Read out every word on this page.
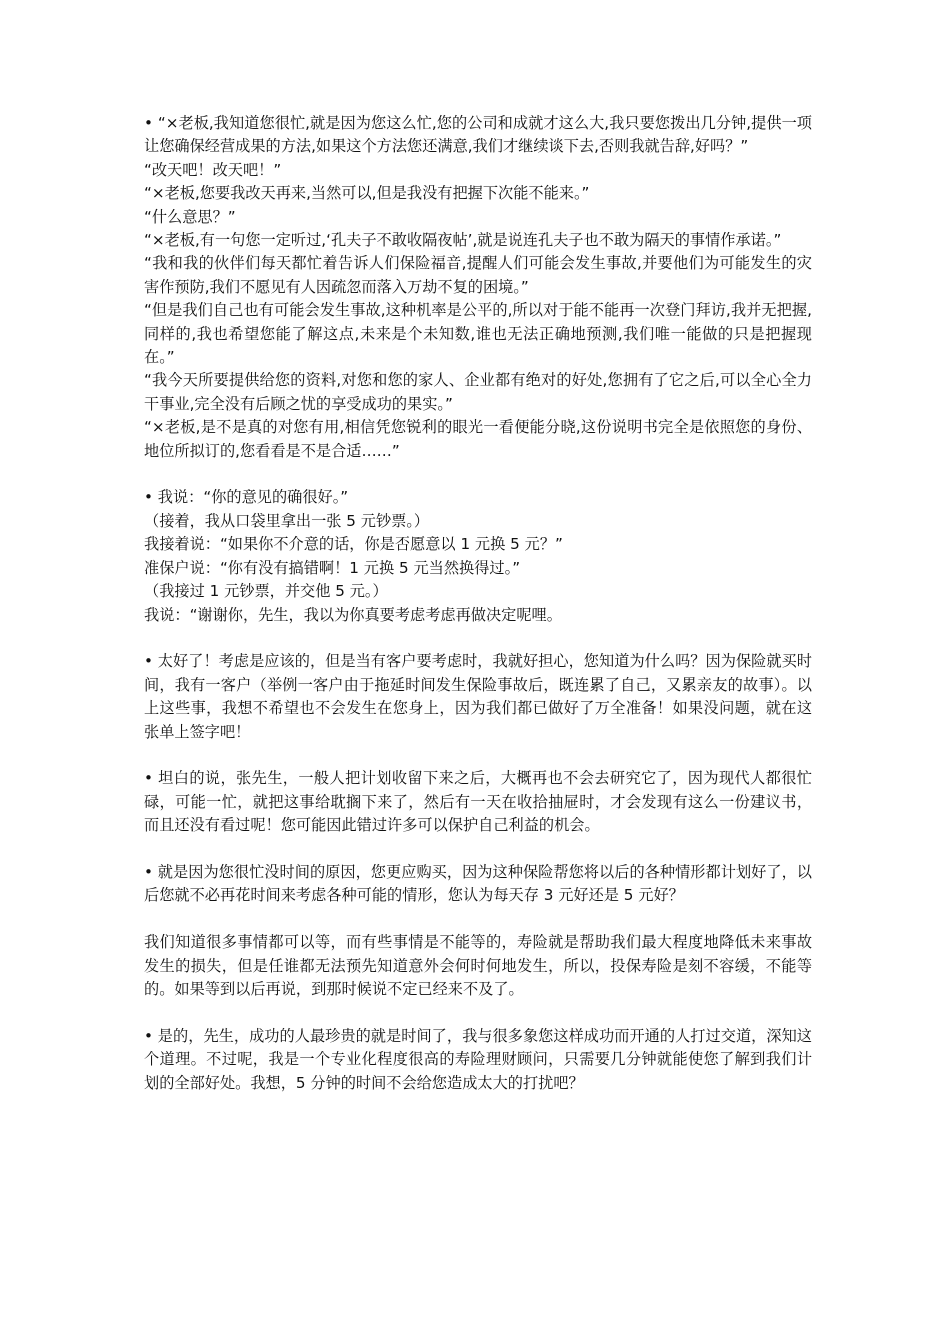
• “×老板,我知道您很忙,就是因为您这么忙,您的公司和成就才这么大,我只要您拨出几分钟,提供一项让您确保经营成果的方法,如果这个方法您还满意,我们才继续谈下去,否则我就告辞,好吗？”
“改天吧！改天吧！”
“×老板,您要我改天再来,当然可以,但是我没有把握下次能不能来。”
“什么意思？”
“×老板,有一句您一定听过,‘孔夫子不敢收隔夜帖’,就是说连孔夫子也不敢为隔天的事情作承诺。”
“我和我的伙伴们每天都忙着告诉人们保险福音,提醒人们可能会发生事故,并要他们为可能发生的灾害作预防,我们不愿见有人因疏忽而落入万劫不复的困境。”
“但是我们自己也有可能会发生事故,这种机率是公平的,所以对于能不能再一次登门拜访,我并无把握,同样的,我也希望您能了解这点,未来是个未知数,谁也无法正确地预测,我们唯一能做的只是把握现在。”
“我今天所要提供给您的资料,对您和您的家人、企业都有绝对的好处,您拥有了它之后,可以全心全力干事业,完全没有后顾之忧的享受成功的果实。”
“×老板,是不是真的对您有用,相信凭您锐利的眼光一看便能分晓,这份说明书完全是依照您的身份、地位所拟订的,您看看是不是合适……”
• 我说：“你的意见的确很好。”
（接着，我从口袋里拿出一张 5 元钞票。）
我接着说：“如果你不介意的话，你是否愿意以 1 元换 5 元？”
准保户说：“你有没有搞错啊！1 元换 5 元当然换得过。”
（我接过 1 元钞票，并交他 5 元。）
我说：“谢谢你，先生，我以为你真要考虑考虑再做决定呢哩。
• 太好了！考虑是应该的，但是当有客户要考虑时，我就好担心，您知道为什么吗？因为保险就买时间，我有一客户（举例一客户由于拖延时间发生保险事故后，既连累了自己，又累亲友的故事）。以上这些事，我想不希望也不会发生在您身上，因为我们都已做好了万全准备！如果没问题，就在这张单上签字吧！
• 坦白的说，张先生，一般人把计划收留下来之后，大概再也不会去研究它了，因为现代人都很忙碌，可能一忙，就把这事给耽搁下来了，然后有一天在收拾抽屉时，才会发现有这么一份建议书，而且还没有看过呢！您可能因此错过许多可以保护自己利益的机会。
• 就是因为您很忙没时间的原因，您更应购买，因为这种保险帮您将以后的各种情形都计划好了，以后您就不必再花时间来考虑各种可能的情形，您认为每天存 3 元好还是 5 元好？
我们知道很多事情都可以等，而有些事情是不能等的，寿险就是帮助我们最大程度地降低未来事故发生的损失，但是任谁都无法预先知道意外会何时何地发生，所以，投保寿险是刻不容缓，不能等的。如果等到以后再说，到那时候说不定已经来不及了。
• 是的，先生，成功的人最珍贵的就是时间了，我与很多象您这样成功而开通的人打过交道，深知这个道理。不过呢，我是一个专业化程度很高的寿险理财顾问，只需要几分钟就能使您了解到我们计划的全部好处。我想，5 分钟的时间不会给您造成太大的打扰吧？
